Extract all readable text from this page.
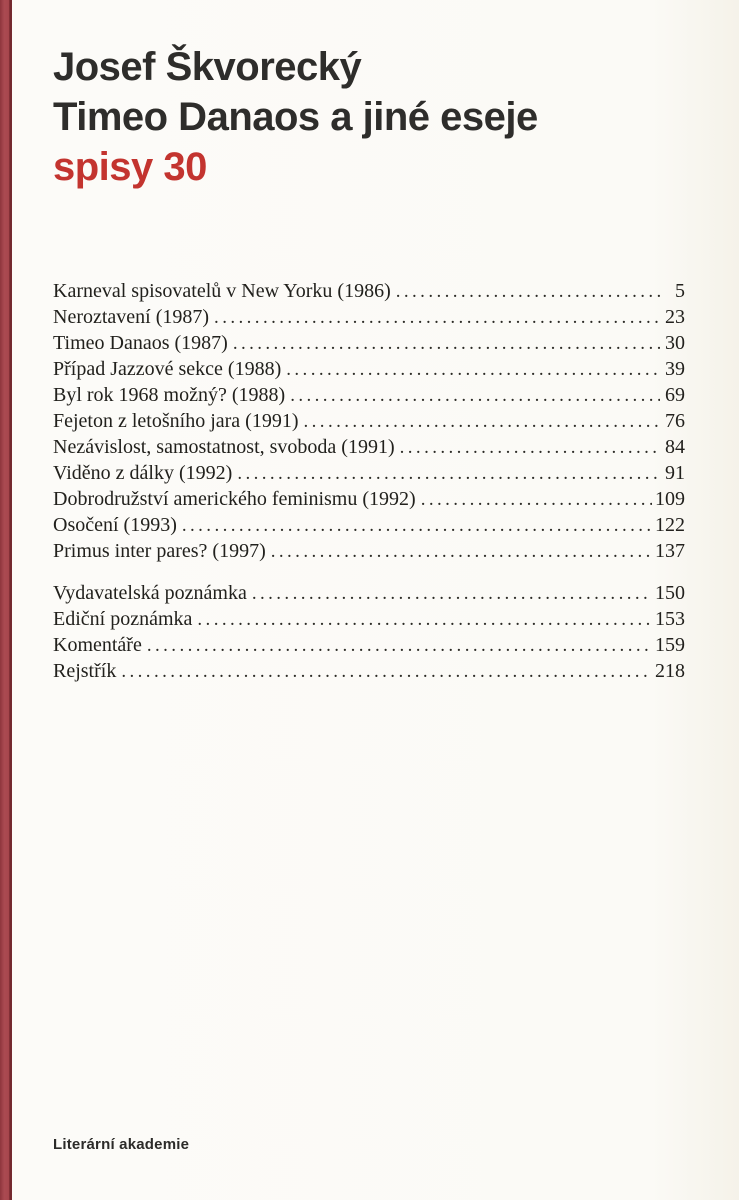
Josef Škvorecký
Timeo Danaos a jiné eseje
spisy 30
Karneval spisovatelů v New Yorku (1986) .....	5
Neroztavení (1987) .....	23
Timeo Danaos (1987) .....	30
Případ Jazzové sekce (1988) .....	39
Byl rok 1968 možný? (1988) .....	69
Fejeton z letošního jara (1991) .....	76
Nezávislost, samostatnost, svoboda (1991) .....	84
Viděno z dálky (1992) .....	91
Dobrodružství amerického feminismu (1992) .....	109
Osočení (1993) .....	122
Primus inter pares? (1997) .....	137
Vydavatelská poznámka .....	150
Ediční poznámka .....	153
Komentáře .....	159
Rejstřík .....	218
Literární akademie
